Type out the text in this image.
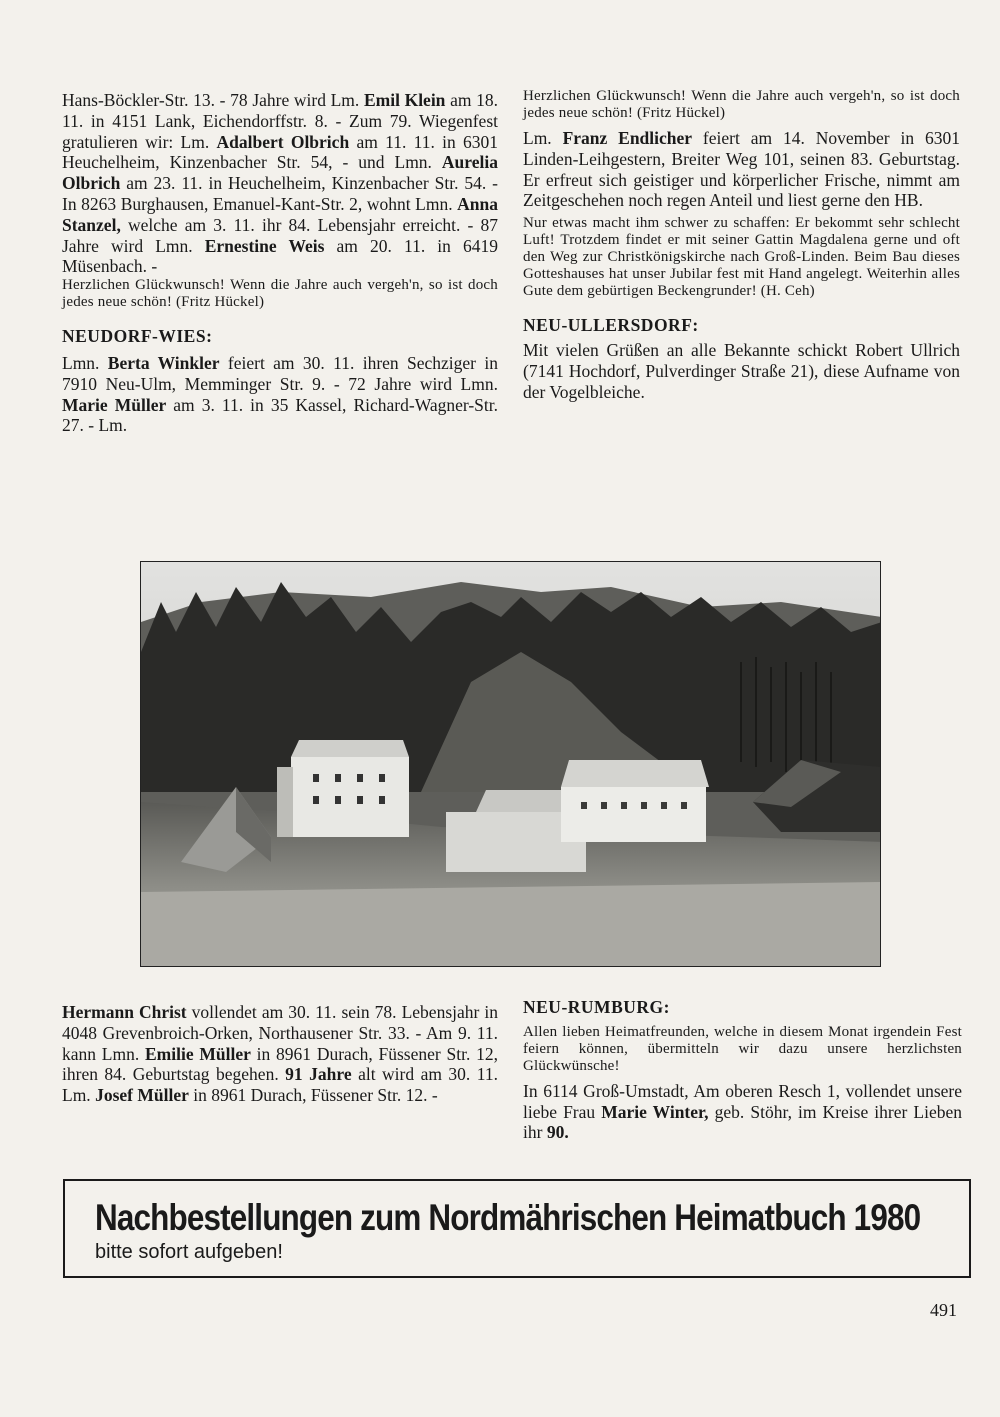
Hans-Böckler-Str. 13. - 78 Jahre wird Lm. Emil Klein am 18. 11. in 4151 Lank, Eichendorffstr. 8. - Zum 79. Wiegenfest gratulieren wir: Lm. Adalbert Olbrich am 11. 11. in 6301 Heuchelheim, Kinzenbacher Str. 54, - und Lmn. Aurelia Olbrich am 23. 11. in Heuchelheim, Kinzenbacher Str. 54. - In 8263 Burghausen, Emanuel-Kant-Str. 2, wohnt Lmn. Anna Stanzel, welche am 3. 11. ihr 84. Lebensjahr erreicht. - 87 Jahre wird Lmn. Ernestine Weis am 20. 11. in 6419 Müsenbach. -

Herzlichen Glückwunsch! Wenn die Jahre auch vergeh'n, so ist doch jedes neue schön! (Fritz Hückel)

NEUDORF-WIES:

Lmn. Berta Winkler feiert am 30. 11. ihren Sechziger in 7910 Neu-Ulm, Memminger Str. 9. - 72 Jahre wird Lmn. Marie Müller am 3. 11. in 35 Kassel, Richard-Wagner-Str. 27. - Lm.

Herzlichen Glückwunsch! Wenn die Jahre auch vergeh'n, so ist doch jedes neue schön! (Fritz Hückel)

Lm. Franz Endlicher feiert am 14. November in 6301 Linden-Leihgestern, Breiter Weg 101, seinen 83. Geburtstag. Er erfreut sich geistiger und körperlicher Frische, nimmt am Zeitgeschehen noch regen Anteil und liest gerne den HB.

Nur etwas macht ihm schwer zu schaffen: Er bekommt sehr schlecht Luft! Trotzdem findet er mit seiner Gattin Magdalena gerne und oft den Weg zur Christkönigskirche nach Groß-Linden. Beim Bau dieses Gotteshauses hat unser Jubilar fest mit Hand angelegt. Weiterhin alles Gute dem gebürtigen Beckengrunder! (H. Ceh)

NEU-ULLERSDORF:

Mit vielen Grüßen an alle Bekannte schickt Robert Ullrich (7141 Hochdorf, Pulverdinger Straße 21), diese Aufname von der Vogelbleiche.

Hermann Christ vollendet am 30. 11. sein 78. Lebensjahr in 4048 Grevenbroich-Orken, Northausener Str. 33. - Am 9. 11. kann Lmn. Emilie Müller in 8961 Durach, Füssener Str. 12, ihren 84. Geburtstag begehen. 91 Jahre alt wird am 30. 11. Lm. Josef Müller in 8961 Durach, Füssener Str. 12. -

NEU-RUMBURG:

Allen lieben Heimatfreunden, welche in diesem Monat irgendein Fest feiern können, übermitteln wir dazu unsere herzlichsten Glückwünsche!

In 6114 Groß-Umstadt, Am oberen Resch 1, vollendet unsere liebe Frau Marie Winter, geb. Stöhr, im Kreise ihrer Lieben ihr 90.

Nachbestellungen zum Nordmährischen Heimatbuch 1980
bitte sofort aufgeben!
491
